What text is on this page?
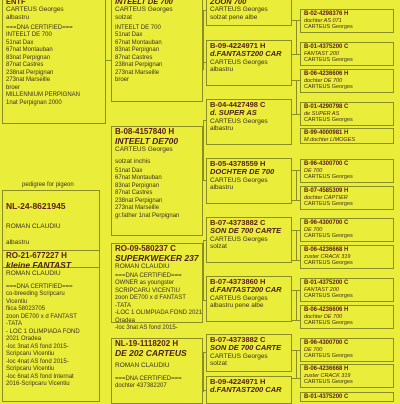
ENTF
CARTEUS Georges
albastru
===DNA CERTIFIED===
INTEELT DE 700
51nat Dax
67nat Montauban
83nat Perpignan
87nat Castres
238nat Perpignan
273nat Marseille
broer
MILLENNIUM PERPIGNAN
1nat Perpignan 2000
pedigree for pigeon
NL-24-8621945
ROMAN CLAUDIU
albastru
RO-21-677227 H
kleine FANTAST
ROMAN CLAUDIU
===DNA CERTIFIED===
co-breeding Scripcaru
Vicentiu
fiica 58023705
zoon DE700 x d FANTAST
-TATA
- LOC 1 OLIMPIADA FOND
2021 Oradea
-loc 3nat AS fond 2015-
Scripcaru Vicentiu
-loc 4nat AS fond 2015-
Scripcaru Vicentiu
-loc 6nat AS fond Internat
2016-Scripcaru Vicentiu
INTEELT DE 700
CARTEUS Georges
solzat
INTEELT DE 700
51nat Dax
67nat Montauban
83nat Perpignan
87nat Castres
238nat Perpignan
273nat Marseille
broer
B-08-4157840 H
INTEELT DE700
CARTEUS Georges
solzat inchis
51nat Dax
67nat Montauban
83nat Perpignan
87nat Castres
238nat Perpignan
273nat Marseille
gr.father 1nat Perpignan
RO-09-580237 C
SUPERKWEKER 237
ROMAN CLAUDIU
===DNA CERTIFIED===
OWNER as youngster
SCRIPCARU VICENTIU
zoon DE700 x d FANTAST
-TATA
-LOC 1 OLIMPIADA FOND 2021
Oradea
-loc 3nat AS fond 2015-
NL-19-1118202 H
DE 202 CARTEUS
ROMAN CLAUDIU
===DNA CERTIFIED===
dochter 437382207
ZOON 700
CARTEUS Georges
solzat pene albe
B-09-4224971 H
d.FANTAST200 CAR
CARTEUS Georges
albastru
B-04-4427498 C
d. SUPER AS
CARTEUS Georges
albastru
B-05-4378559 H
DOCHTER DE 700
CARTEUS Georges
albastru
B-07-4373882 C
SON DE 700 CARTE
CARTEUS Georges
solzat
B-07-4373860 H
d.FANTAST200 CAR
CARTEUS Georges
albastru pene albe
B-07-4373882 C
SON DE 700 CARTE
CARTEUS Georges
solzat
B-09-4224971 H
d.FANTAST200 CAR
B-02-4298376 H
dochter AS 071
CARTEUS Georges
B-01-4375200 C
FANTAST 200
CARTEUS Georges
B-06-4236606 H
dochter DE 700
CARTEUS Georges
B-01-4290798 C
de SUPER AS
CARTEUS Georges
B-99-4000981 H
M.dochter LIMOGES
B-96-4300700 C
DE 700
CARTEUS Georges
B-07-4585309 H
dochter CAPTIER
CARTEUS Georges
B-96-4300700 C
DE 700
CARTEUS Georges
B-06-4236668 H
zuster CRACK 319
CARTEUS Georges
B-01-4375200 C
FANTAST 200
CARTEUS Georges
B-06-4236606 H
dochter DE 700
CARTEUS Georges
B-96-4300700 C
DE 700
CARTEUS Georges
B-06-4236668 H
zuster CRACK 319
CARTEUS Georges
B-01-4375200 C
